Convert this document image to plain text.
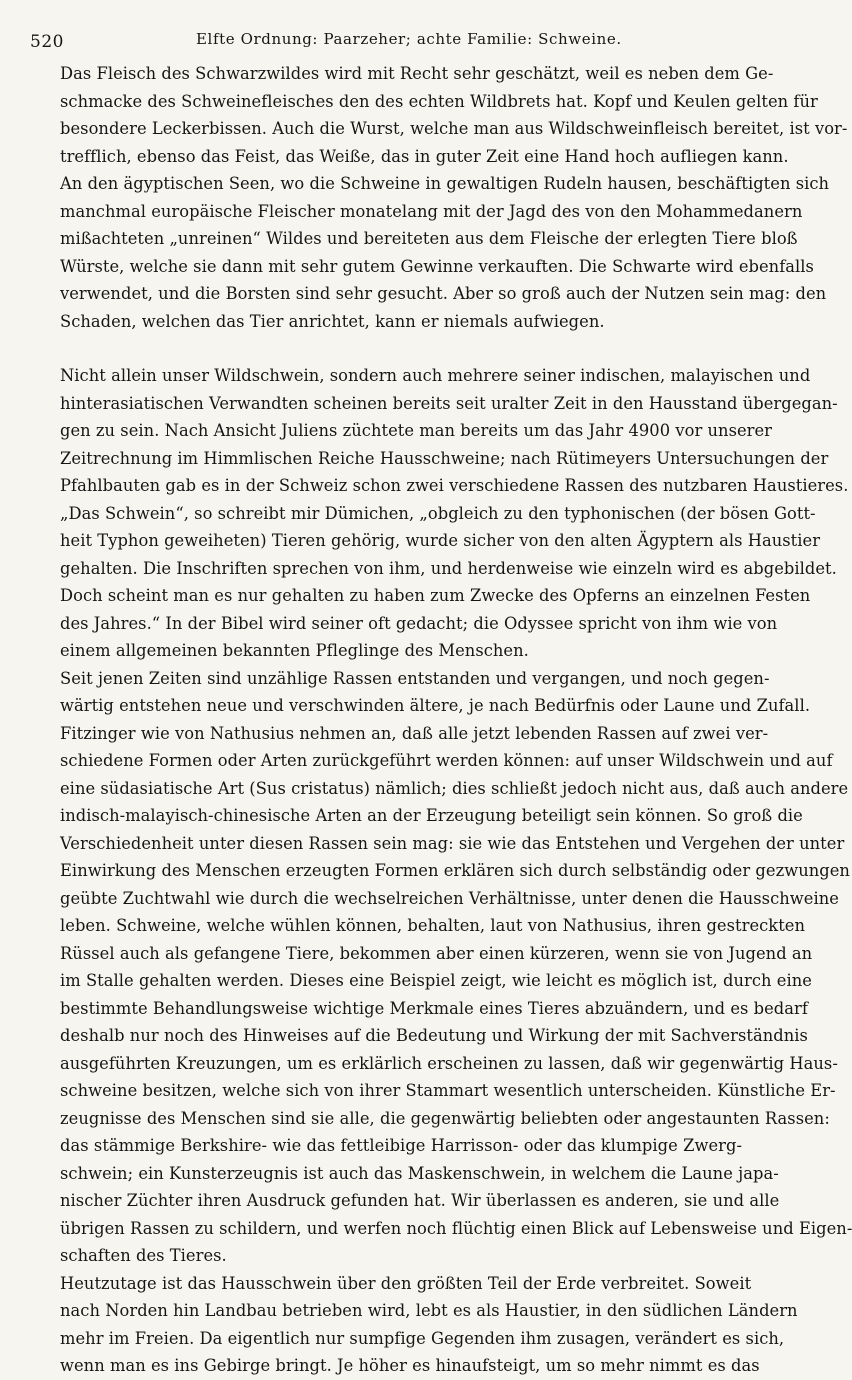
520	Elfte Ordnung: Paarzeher; achte Familie: Schweine.
Das Fleisch des Schwarzwildes wird mit Recht sehr geschätzt, weil es neben dem Ge-
schmacke des Schweinefleisches den des echten Wildbrets hat. Kopf und Keulen gelten für
besondere Leckerbissen. Auch die Wurst, welche man aus Wildschweinfleisch bereitet, ist vor-
trefflich, ebenso das Feist, das Weiße, das in guter Zeit eine Hand hoch aufliegen kann.
An den ägyptischen Seen, wo die Schweine in gewaltigen Rudeln hausen, beschäftigten sich
manchmal europäische Fleischer monatelang mit der Jagd des von den Mohammedanern
mißachteten „unreinen“ Wildes und bereiteten aus dem Fleische der erlegten Tiere bloß
Würste, welche sie dann mit sehr gutem Gewinne verkauften. Die Schwarte wird ebenfalls
verwendet, und die Borsten sind sehr gesucht. Aber so groß auch der Nutzen sein mag: den
Schaden, welchen das Tier anrichtet, kann er niemals aufwiegen.
Nicht allein unser Wildschwein, sondern auch mehrere seiner indischen, malayischen und
hinterasiatischen Verwandten scheinen bereits seit uralter Zeit in den Hausstand übergegan-
gen zu sein. Nach Ansicht Juliens züchtete man bereits um das Jahr 4900 vor unserer
Zeitrechnung im Himmlischen Reiche Hausschweine; nach Rütimeyers Untersuchungen der
Pfahlbauten gab es in der Schweiz schon zwei verschiedene Rassen des nutzbaren Haustieres.
„Das Schwein“, so schreibt mir Dümichen, „obgleich zu den typhonischen (der bösen Gott-
heit Typhon geweiheten) Tieren gehörig, wurde sicher von den alten Ägyptern als Haustier
gehalten. Die Inschriften sprechen von ihm, und herdenweise wie einzeln wird es abgebildet.
Doch scheint man es nur gehalten zu haben zum Zwecke des Opferns an einzelnen Festen
des Jahres.“ In der Bibel wird seiner oft gedacht; die Odyssee spricht von ihm wie von
einem allgemeinen bekannten Pfleglinge des Menschen.
Seit jenen Zeiten sind unzählige Rassen entstanden und vergangen, und noch gegen-
wärtig entstehen neue und verschwinden ältere, je nach Bedürfnis oder Laune und Zufall.
Fitzinger wie von Nathusius nehmen an, daß alle jetzt lebenden Rassen auf zwei ver-
schiedene Formen oder Arten zurückgeführt werden können: auf unser Wildschwein und auf
eine südasiatische Art (Sus cristatus) nämlich; dies schließt jedoch nicht aus, daß auch andere
indisch-malayisch-chinesische Arten an der Erzeugung beteiligt sein können. So groß die
Verschiedenheit unter diesen Rassen sein mag: sie wie das Entstehen und Vergehen der unter
Einwirkung des Menschen erzeugten Formen erklären sich durch selbständig oder gezwungen
geübte Zuchtwahl wie durch die wechselreichen Verhältnisse, unter denen die Hausschweine
leben. Schweine, welche wühlen können, behalten, laut von Nathusius, ihren gestreckten
Rüssel auch als gefangene Tiere, bekommen aber einen kürzeren, wenn sie von Jugend an
im Stalle gehalten werden. Dieses eine Beispiel zeigt, wie leicht es möglich ist, durch eine
bestimmte Behandlungsweise wichtige Merkmale eines Tieres abzuändern, und es bedarf
deshalb nur noch des Hinweises auf die Bedeutung und Wirkung der mit Sachverständnis
ausgeführten Kreuzungen, um es erklärlich erscheinen zu lassen, daß wir gegenwärtig Haus-
schweine besitzen, welche sich von ihrer Stammart wesentlich unterscheiden. Künstliche Er-
zeugnisse des Menschen sind sie alle, die gegenwärtig beliebten oder angestaunten Rassen:
das stämmige Berkshire- wie das fettleibige Harrisson- oder das klumpige Zwerg-
schwein; ein Kunsterzeugnis ist auch das Maskenschwein, in welchem die Laune japa-
nischer Züchter ihren Ausdruck gefunden hat. Wir überlassen es anderen, sie und alle
übrigen Rassen zu schildern, und werfen noch flüchtig einen Blick auf Lebensweise und Eigen-
schaften des Tieres.
Heutzutage ist das Hausschwein über den größten Teil der Erde verbreitet. Soweit
nach Norden hin Landbau betrieben wird, lebt es als Haustier, in den südlichen Ländern
mehr im Freien. Da eigentlich nur sumpfige Gegenden ihm zusagen, verändert es sich,
wenn man es ins Gebirge bringt. Je höher es hinaufsteigt, um so mehr nimmt es das
